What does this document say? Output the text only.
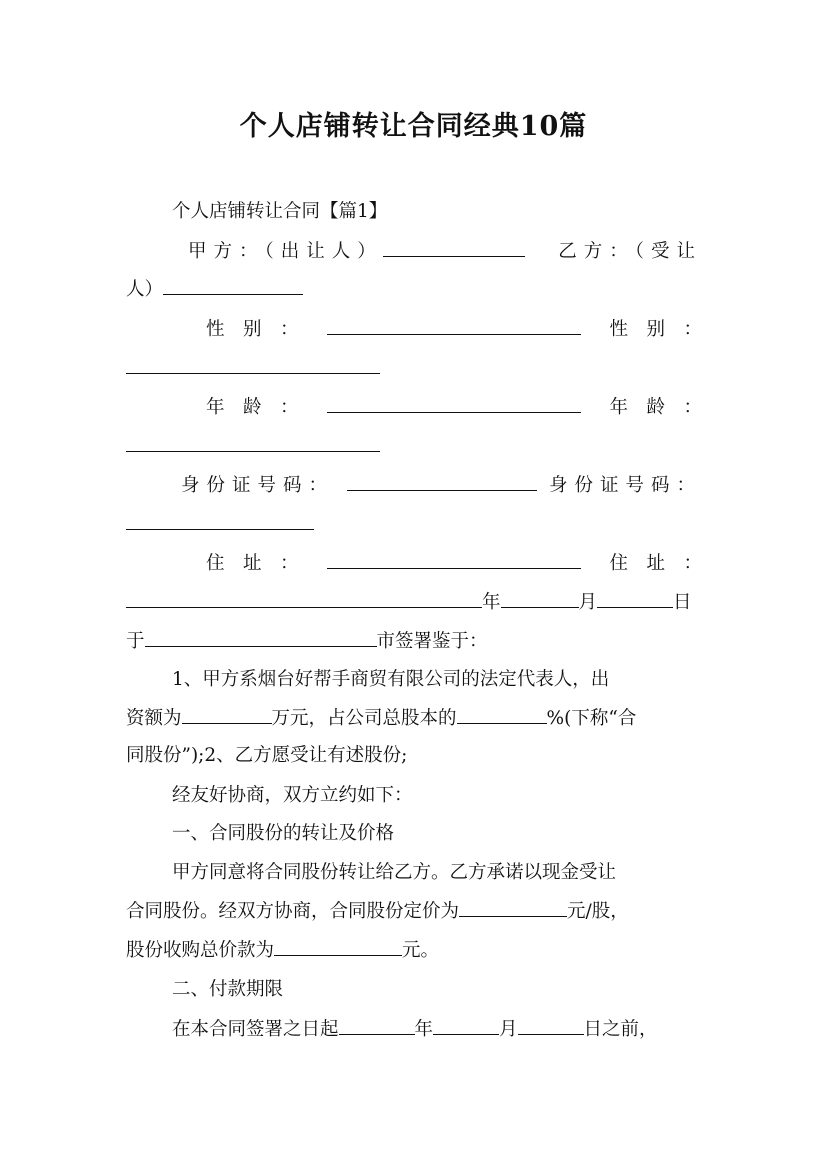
个人店铺转让合同经典10篇

个人店铺转让合同【篇1】

甲方：（出让人）	乙方：（受让

人）

性　别　：	性　别　：

年　龄　：	年　龄　：

身份证号码：	身份证号码：

住　址　：	住　址　：

年	月	日

于	市签署鉴于：

1、甲方系烟台好帮手商贸有限公司的法定代表人，出

资额为	万元，占公司总股本的	%(下称“合

同股份”);2、乙方愿受让有述股份;

经友好协商，双方立约如下：

一、合同股份的转让及价格

甲方同意将合同股份转让给乙方。乙方承诺以现金受让

合同股份。经双方协商，合同股份定价为	元/股，

股份收购总价款为	元。

二、付款期限

在本合同签署之日起	年	月	日之前，
